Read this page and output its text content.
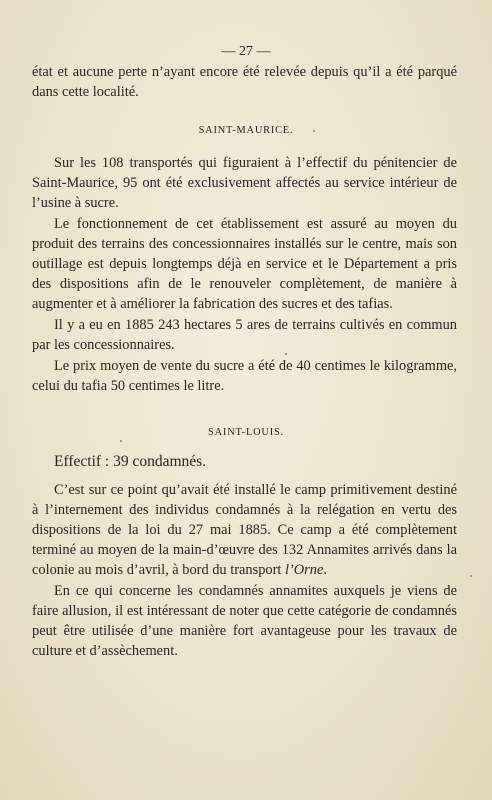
— 27 —

état et aucune perte n’ayant encore été relevée depuis qu’il a été parqué dans cette localité.

SAINT-MAURICE.

Sur les 108 transportés qui figuraient à l’effectif du pénitencier de Saint-Maurice, 95 ont été exclusivement affectés au service intérieur de l’usine à sucre.

Le fonctionnement de cet établissement est assuré au moyen du produit des terrains des concessionnaires installés sur le centre, mais son outillage est depuis longtemps déjà en service et le Département a pris des dispositions afin de le renouveler complètement, de manière à augmenter et à améliorer la fabrication des sucres et des tafias.

Il y a eu en 1885 243 hectares 5 ares de terrains cultivés en commun par les concessionnaires.

Le prix moyen de vente du sucre a été de 40 centimes le kilogramme, celui du tafia 50 centimes le litre.

SAINT-LOUIS.
Effectif : 39 condamnés.

C’est sur ce point qu’avait été installé le camp primitivement destiné à l’internement des individus condamnés à la relégation en vertu des dispositions de la loi du 27 mai 1885. Ce camp a été complètement terminé au moyen de la main-d’œuvre des 132 Annamites arrivés dans la colonie au mois d’avril, à bord du transport l’Orne.

En ce qui concerne les condamnés annamites auxquels je viens de faire allusion, il est intéressant de noter que cette catégorie de condamnés peut être utilisée d’une manière fort avantageuse pour les travaux de culture et d’assèchement.
